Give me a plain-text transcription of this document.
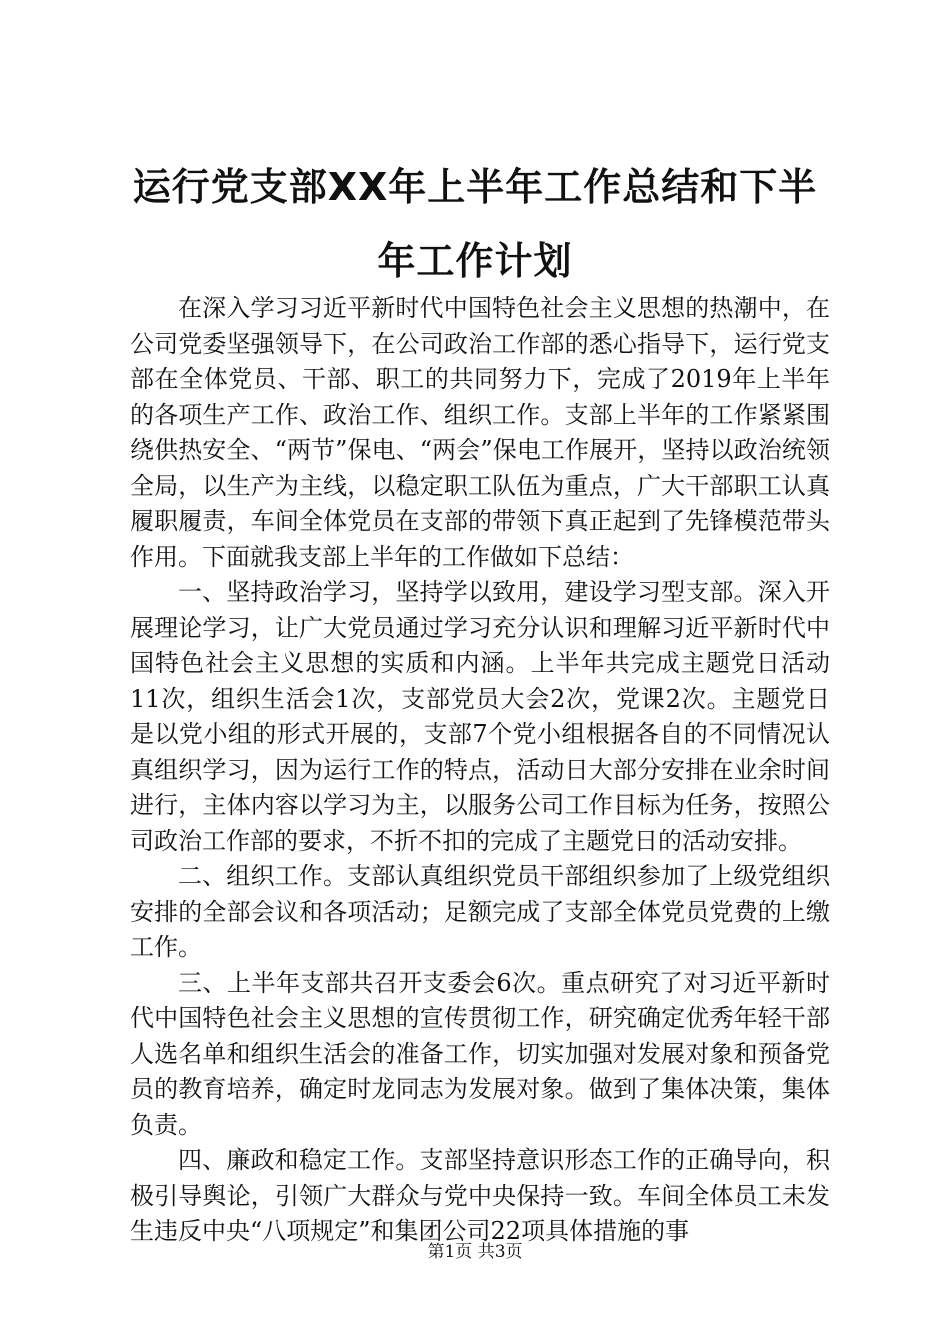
运行党支部XX年上半年工作总结和下半年工作计划

在深入学习习近平新时代中国特色社会主义思想的热潮中，在公司党委坚强领导下，在公司政治工作部的悉心指导下，运行党支部在全体党员、干部、职工的共同努力下，完成了2019年上半年的各项生产工作、政治工作、组织工作。支部上半年的工作紧紧围绕供热安全、“两节”保电、“两会”保电工作展开，坚持以政治统领全局，以生产为主线，以稳定职工队伍为重点，广大干部职工认真履职履责，车间全体党员在支部的带领下真正起到了先锋模范带头作用。下面就我支部上半年的工作做如下总结：

一、坚持政治学习，坚持学以致用，建设学习型支部。深入开展理论学习，让广大党员通过学习充分认识和理解习近平新时代中国特色社会主义思想的实质和内涵。上半年共完成主题党日活动11次，组织生活会1次，支部党员大会2次，党课2次。主题党日是以党小组的形式开展的，支部7个党小组根据各自的不同情况认真组织学习，因为运行工作的特点，活动日大部分安排在业余时间进行，主体内容以学习为主，以服务公司工作目标为任务，按照公司政治工作部的要求，不折不扣的完成了主题党日的活动安排。

二、组织工作。支部认真组织党员干部组织参加了上级党组织安排的全部会议和各项活动；足额完成了支部全体党员党费的上缴工作。

三、上半年支部共召开支委会6次。重点研究了对习近平新时代中国特色社会主义思想的宣传贯彻工作，研究确定优秀年轻干部人选名单和组织生活会的准备工作，切实加强对发展对象和预备党员的教育培养，确定时龙同志为发展对象。做到了集体决策，集体负责。

四、廉政和稳定工作。支部坚持意识形态工作的正确导向，积极引导舆论，引领广大群众与党中央保持一致。车间全体员工未发生违反中央“八项规定”和集团公司22项具体措施的事

第1页 共3页
